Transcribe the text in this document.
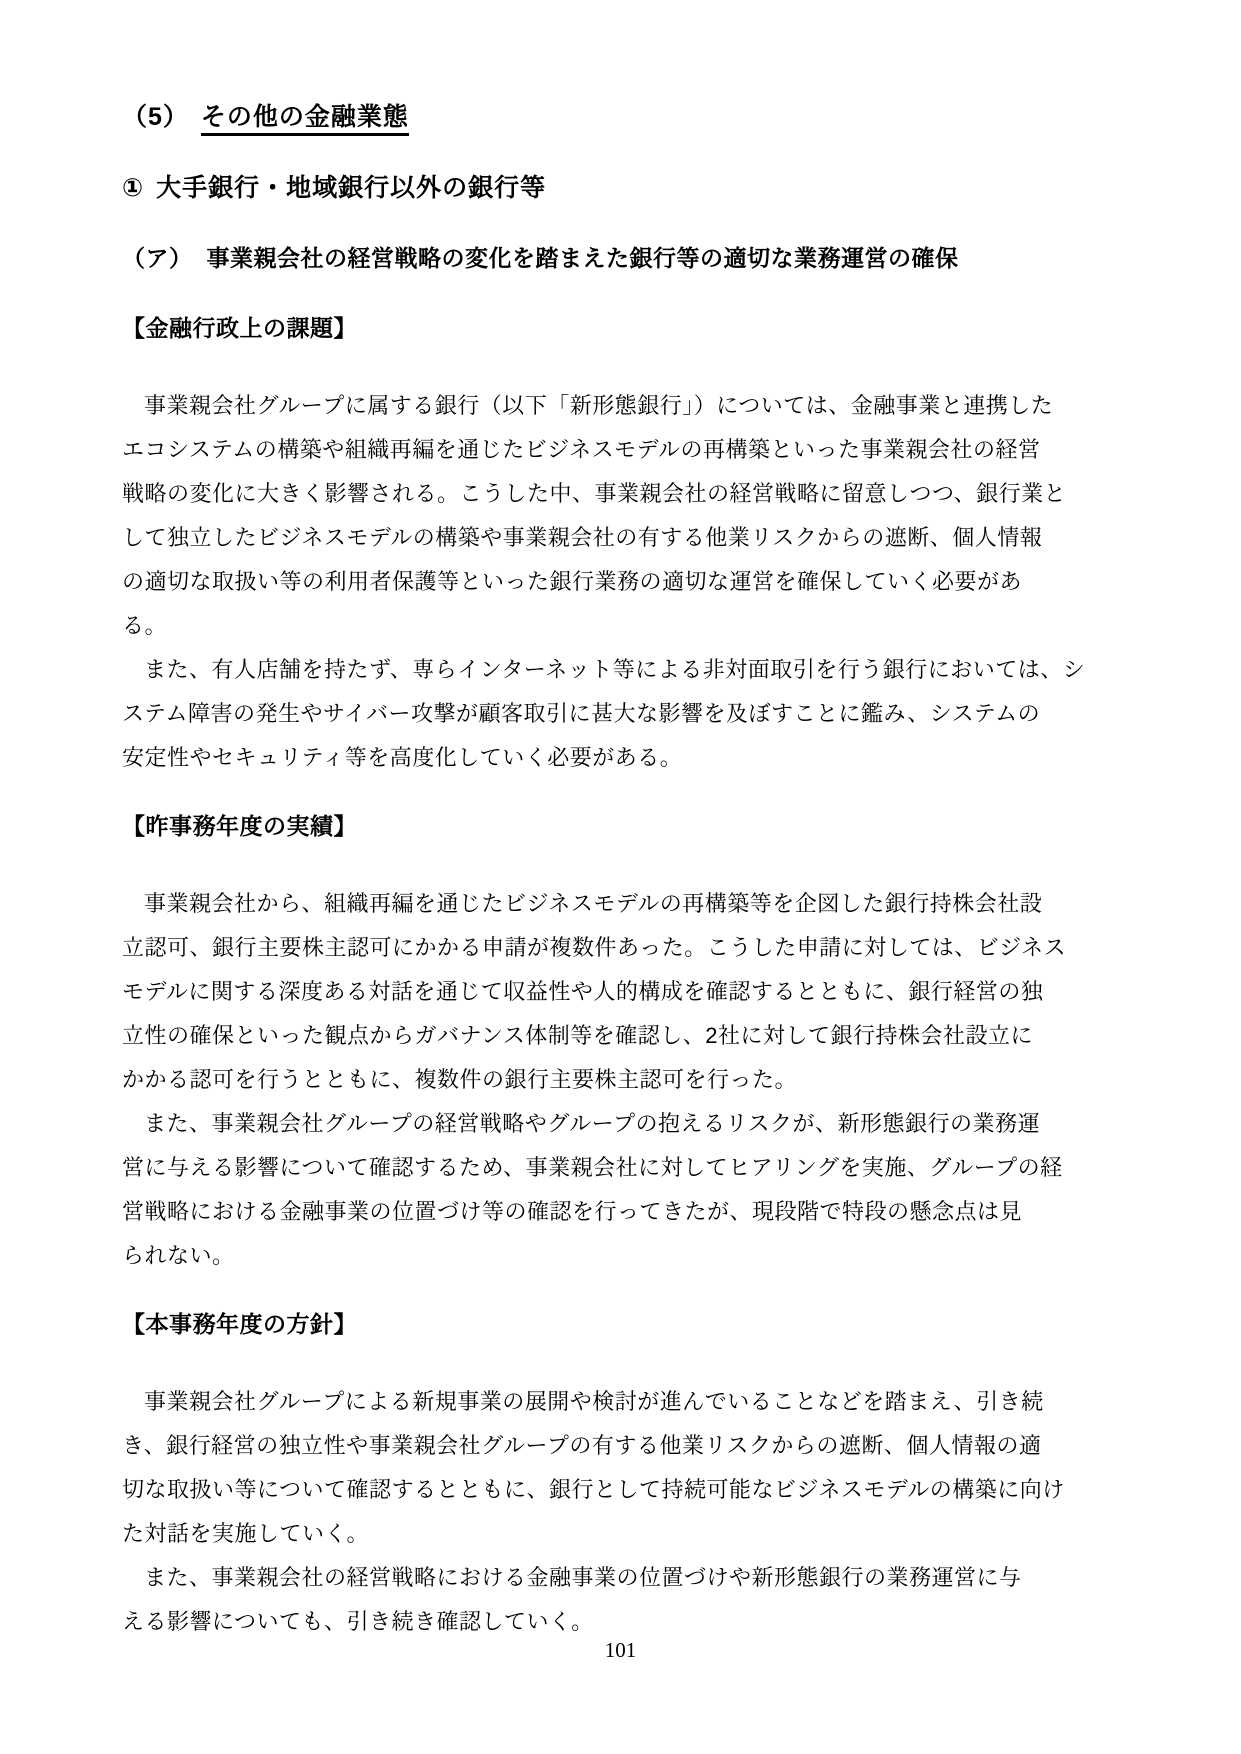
（5） その他の金融業態
① 大手銀行・地域銀行以外の銀行等
（ア） 事業親会社の経営戦略の変化を踏まえた銀行等の適切な業務運営の確保
【金融行政上の課題】
事業親会社グループに属する銀行（以下「新形態銀行」）については、金融事業と連携した
エコシステムの構築や組織再編を通じたビジネスモデルの再構築といった事業親会社の経営
戦略の変化に大きく影響される。こうした中、事業親会社の経営戦略に留意しつつ、銀行業と
して独立したビジネスモデルの構築や事業親会社の有する他業リスクからの遮断、個人情報
の適切な取扱い等の利用者保護等といった銀行業務の適切な運営を確保していく必要があ
る。
また、有人店舗を持たず、専らインターネット等による非対面取引を行う銀行においては、シ
ステム障害の発生やサイバー攻撃が顧客取引に甚大な影響を及ぼすことに鑑み、システムの
安定性やセキュリティ等を高度化していく必要がある。
【昨事務年度の実績】
事業親会社から、組織再編を通じたビジネスモデルの再構築等を企図した銀行持株会社設
立認可、銀行主要株主認可にかかる申請が複数件あった。こうした申請に対しては、ビジネス
モデルに関する深度ある対話を通じて収益性や人的構成を確認するとともに、銀行経営の独
立性の確保といった観点からガバナンス体制等を確認し、2社に対して銀行持株会社設立に
かかる認可を行うとともに、複数件の銀行主要株主認可を行った。
また、事業親会社グループの経営戦略やグループの抱えるリスクが、新形態銀行の業務運
営に与える影響について確認するため、事業親会社に対してヒアリングを実施、グループの経
営戦略における金融事業の位置づけ等の確認を行ってきたが、現段階で特段の懸念点は見
られない。
【本事務年度の方針】
事業親会社グループによる新規事業の展開や検討が進んでいることなどを踏まえ、引き続
き、銀行経営の独立性や事業親会社グループの有する他業リスクからの遮断、個人情報の適
切な取扱い等について確認するとともに、銀行として持続可能なビジネスモデルの構築に向け
た対話を実施していく。
また、事業親会社の経営戦略における金融事業の位置づけや新形態銀行の業務運営に与
える影響についても、引き続き確認していく。
101
